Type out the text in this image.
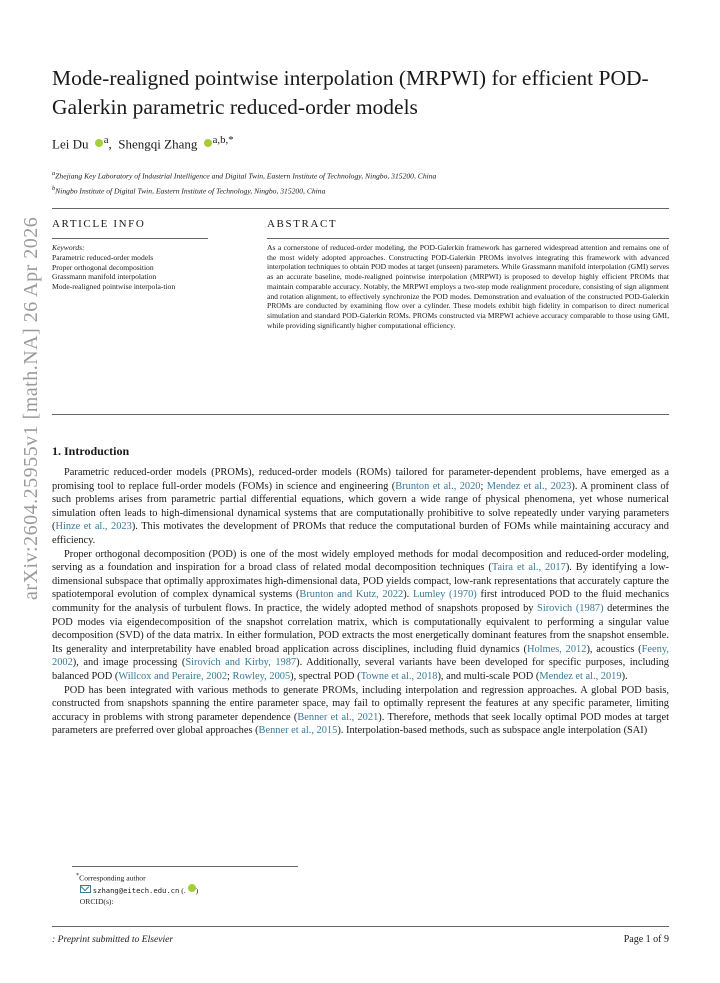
arXiv:2604.25955v1 [math.NA] 26 Apr 2026
Mode-realigned pointwise interpolation (MRPWI) for efficient POD-Galerkin parametric reduced-order models
Lei Du $^a$,  Shengqi Zhang $^{a,b,*}$
$^a$Zhejiang Key Laboratory of Industrial Intelligence and Digital Twin, Eastern Institute of Technology, Ningbo, 315200, China
$^b$Ningbo Institute of Digital Twin, Eastern Institute of Technology, Ningbo, 315200, China
ARTICLE INFO	ABSTRACT
Keywords:
Parametric reduced-order models
Proper orthogonal decomposition
Grassmann manifold interpolation
Mode-realigned pointwise interpola-tion
As a cornerstone of reduced-order modeling, the POD-Galerkin framework has garnered widespread attention and remains one of the most widely adopted approaches. Constructing POD-Galerkin PROMs involves integrating this framework with advanced interpolation techniques to obtain POD modes at target (unseen) parameters. While Grassmann manifold interpolation (GMI) serves as an accurate baseline, mode-realigned pointwise interpolation (MRPWI) is proposed to develop highly efficient PROMs that maintain comparable accuracy. Notably, the MRPWI employs a two-step mode realignment procedure, consisting of sign alignment and rotation alignment, to effectively synchronize the POD modes. Demonstration and evaluation of the constructed POD-Galerkin PROMs are conducted by examining flow over a cylinder. These models exhibit high fidelity in comparison to direct numerical simulation and standard POD-Galerkin ROMs. PROMs constructed via MRPWI achieve accuracy comparable to those using GMI, while providing significantly higher computational efficiency.
1. Introduction

Parametric reduced-order models (PROMs), reduced-order models (ROMs) tailored for parameter-dependent problems, have emerged as a promising tool to replace full-order models (FOMs) in science and engineering (Brunton et al., 2020; Mendez et al., 2023). A prominent class of such problems arises from parametric partial differential equations, which govern a wide range of physical phenomena, yet whose numerical simulation often leads to high-dimensional dynamical systems that are computationally prohibitive to solve repeatedly under varying parameters (Hinze et al., 2023). This motivates the development of PROMs that reduce the computational burden of FOMs while maintaining accuracy and efficiency.

Proper orthogonal decomposition (POD) is one of the most widely employed methods for modal decomposition and reduced-order modeling, serving as a foundation and inspiration for a broad class of related modal decomposition techniques (Taira et al., 2017). By identifying a low-dimensional subspace that optimally approximates high-dimensional data, POD yields compact, low-rank representations that accurately capture the spatiotemporal evolution of complex dynamical systems (Brunton and Kutz, 2022). Lumley (1970) first introduced POD to the fluid mechanics community for the analysis of turbulent flows. In practice, the widely adopted method of snapshots proposed by Sirovich (1987) determines the POD modes via eigendecomposition of the snapshot correlation matrix, which is computationally equivalent to performing a singular value decomposition (SVD) of the data matrix. In either formulation, POD extracts the most energetically dominant features from the snapshot ensemble. Its generality and interpretability have enabled broad application across disciplines, including fluid dynamics (Holmes, 2012), acoustics (Feeny, 2002), and image processing (Sirovich and Kirby, 1987). Additionally, several variants have been developed for specific purposes, including balanced POD (Willcox and Peraire, 2002; Rowley, 2005), spectral POD (Towne et al., 2018), and multi-scale POD (Mendez et al., 2019).

POD has been integrated with various methods to generate PROMs, including interpolation and regression approaches. A global POD basis, constructed from snapshots spanning the entire parameter space, may fail to optimally represent the features at any specific parameter, limiting accuracy in problems with strong parameter dependence (Benner et al., 2021). Therefore, methods that seek locally optimal POD modes at target parameters are preferred over global approaches (Benner et al., 2015). Interpolation-based methods, such as subspace angle interpolation (SAI)

*Corresponding author
szhang@eitech.edu.cn (. )
ORCID(s):
: Preprint submitted to Elsevier	Page 1 of 9
